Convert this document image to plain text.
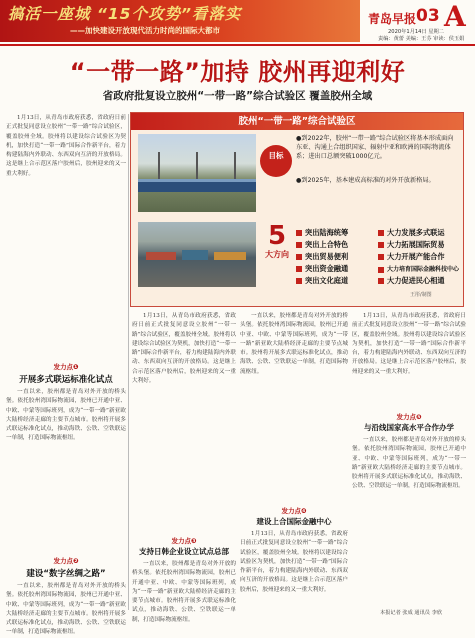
搞活一座城 “15个攻势”看落实
——加快建设开放现代活力时尚的国际大都市
青岛早报 03 A
2020年1月14日 星期二
责编：黄蕾 美编：王芬 审读：侯玉娟
“一带一路”加持 胶州再迎利好
省政府批复设立胶州“一带一路”综合试验区 覆盖胶州全域
1月13日，从青岛市政府获悉，省政府日前正式批复同意设立胶州“一带一路”综合试验区，覆盖胶州全域。胶州将以建设综合试验区为契机，加快打造“一带一路”国际合作新平台，着力构建陆海内外联动、东西双向互济的开放格局。这是继上合示范区落户胶州后，胶州迎来的又一重大利好。
发力点❶
开展多式联运标准化试点
一直以来，胶州都是青岛对外开放的桥头堡。依托胶州湾国际物流园，胶州已开通中亚、中欧、中蒙等国际班列，成为“一带一路”新亚欧大陆桥经济走廊的主要节点城市。胶州将开展多式联运标准化试点，推动海铁、公铁、空铁联运一单制，打造国际物流枢纽。
发力点❷
建设“数字丝绸之路”
一直以来，胶州都是青岛对外开放的桥头堡。依托胶州湾国际物流园，胶州已开通中亚、中欧、中蒙等国际班列，成为“一带一路”新亚欧大陆桥经济走廊的主要节点城市。胶州将开展多式联运标准化试点，推动海铁、公铁、空铁联运一单制，打造国际物流枢纽。
胶州“一带一路”综合试验区
目标
●到2022年，胶州“一带一路”综合试验区将基本形成面向东亚、沟通上合组织国家、辐射中亚和欧洲的国际物流体系；进出口总额突破1000亿元。
●到2025年，基本建成高标准的对外开放新格局。
5
大方向
突出陆海统筹
突出上合特色
突出贸易便利
突出资金融通
突出文化庭道
大力发展多式联运
大力拓展国际贸易
大力开展产能合作
大力培育国际金融科技中心
大力促进民心相通
王彤/制图
1月13日，从青岛市政府获悉，省政府日前正式批复同意设立胶州“一带一路”综合试验区，覆盖胶州全域。胶州将以建设综合试验区为契机，加快打造“一带一路”国际合作新平台，着力构建陆海内外联动、东西双向互济的开放格局。这是继上合示范区落户胶州后，胶州迎来的又一重大利好。
一直以来，胶州都是青岛对外开放的桥头堡。依托胶州湾国际物流园，胶州已开通中亚、中欧、中蒙等国际班列，成为“一带一路”新亚欧大陆桥经济走廊的主要节点城市。胶州将开展多式联运标准化试点，推动海铁、公铁、空铁联运一单制，打造国际物流枢纽。
1月13日，从青岛市政府获悉，省政府日前正式批复同意设立胶州“一带一路”综合试验区，覆盖胶州全域。胶州将以建设综合试验区为契机，加快打造“一带一路”国际合作新平台，着力构建陆海内外联动、东西双向互济的开放格局。这是继上合示范区落户胶州后，胶州迎来的又一重大利好。
发力点❸
支持日韩企业设立试点总部
一直以来，胶州都是青岛对外开放的桥头堡。依托胶州湾国际物流园，胶州已开通中亚、中欧、中蒙等国际班列，成为“一带一路”新亚欧大陆桥经济走廊的主要节点城市。胶州将开展多式联运标准化试点，推动海铁、公铁、空铁联运一单制，打造国际物流枢纽。
发力点❹
建设上合国际金融中心
1月13日，从青岛市政府获悉，省政府日前正式批复同意设立胶州“一带一路”综合试验区，覆盖胶州全域。胶州将以建设综合试验区为契机，加快打造“一带一路”国际合作新平台，着力构建陆海内外联动、东西双向互济的开放格局。这是继上合示范区落户胶州后，胶州迎来的又一重大利好。
发力点❺
与沿线国家高水平合作办学
一直以来，胶州都是青岛对外开放的桥头堡。依托胶州湾国际物流园，胶州已开通中亚、中欧、中蒙等国际班列，成为“一带一路”新亚欧大陆桥经济走廊的主要节点城市。胶州将开展多式联运标准化试点，推动海铁、公铁、空铁联运一单制，打造国际物流枢纽。
本报记者 张成 通讯员 李欣
